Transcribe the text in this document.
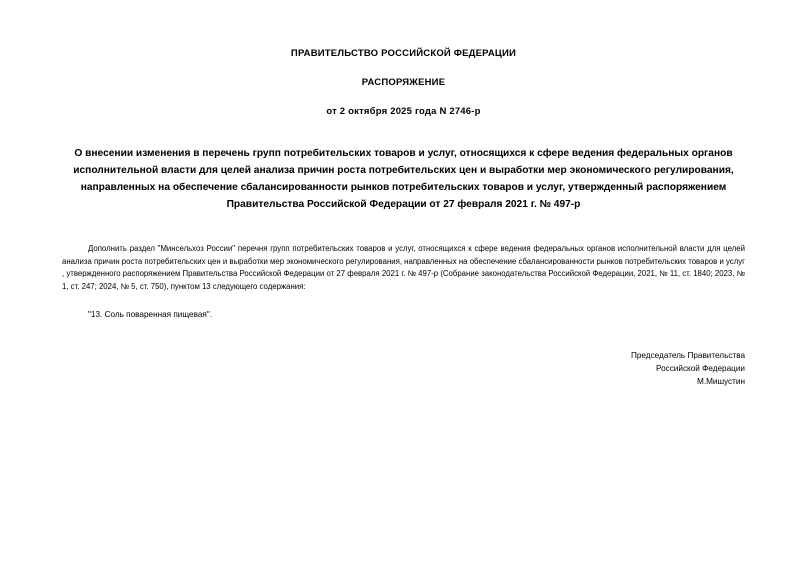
ПРАВИТЕЛЬСТВО РОССИЙСКОЙ ФЕДЕРАЦИИ
РАСПОРЯЖЕНИЕ
от 2 октября 2025 года N 2746-р
О внесении изменения в перечень групп потребительских товаров и услуг, относящихся к сфере ведения федеральных органов исполнительной власти для целей анализа причин роста потребительских цен и выработки мер экономического регулирования, направленных на обеспечение сбалансированности рынков потребительских товаров и услуг, утвержденный распоряжением Правительства Российской Федерации от 27 февраля 2021 г. № 497-р

Дополнить раздел "Минсельхоз России" перечня групп потребительских товаров и услуг, относящихся к сфере ведения федеральных органов исполнительной власти для целей анализа причин роста потребительских цен и выработки мер экономического регулирования, направленных на обеспечение сбалансированности рынков потребительских товаров и услуг , утвержденного распоряжением Правительства Российской Федерации от 27 февраля 2021 г. № 497-р (Собрание законодательства Российской Федерации, 2021, № 11, ст. 1840; 2023, № 1, ст. 247; 2024, № 5, ст. 750), пунктом 13 следующего содержания:

"13. Соль поваренная пищевая".
Председатель Правительства
Российской Федерации
М.Мишустин
